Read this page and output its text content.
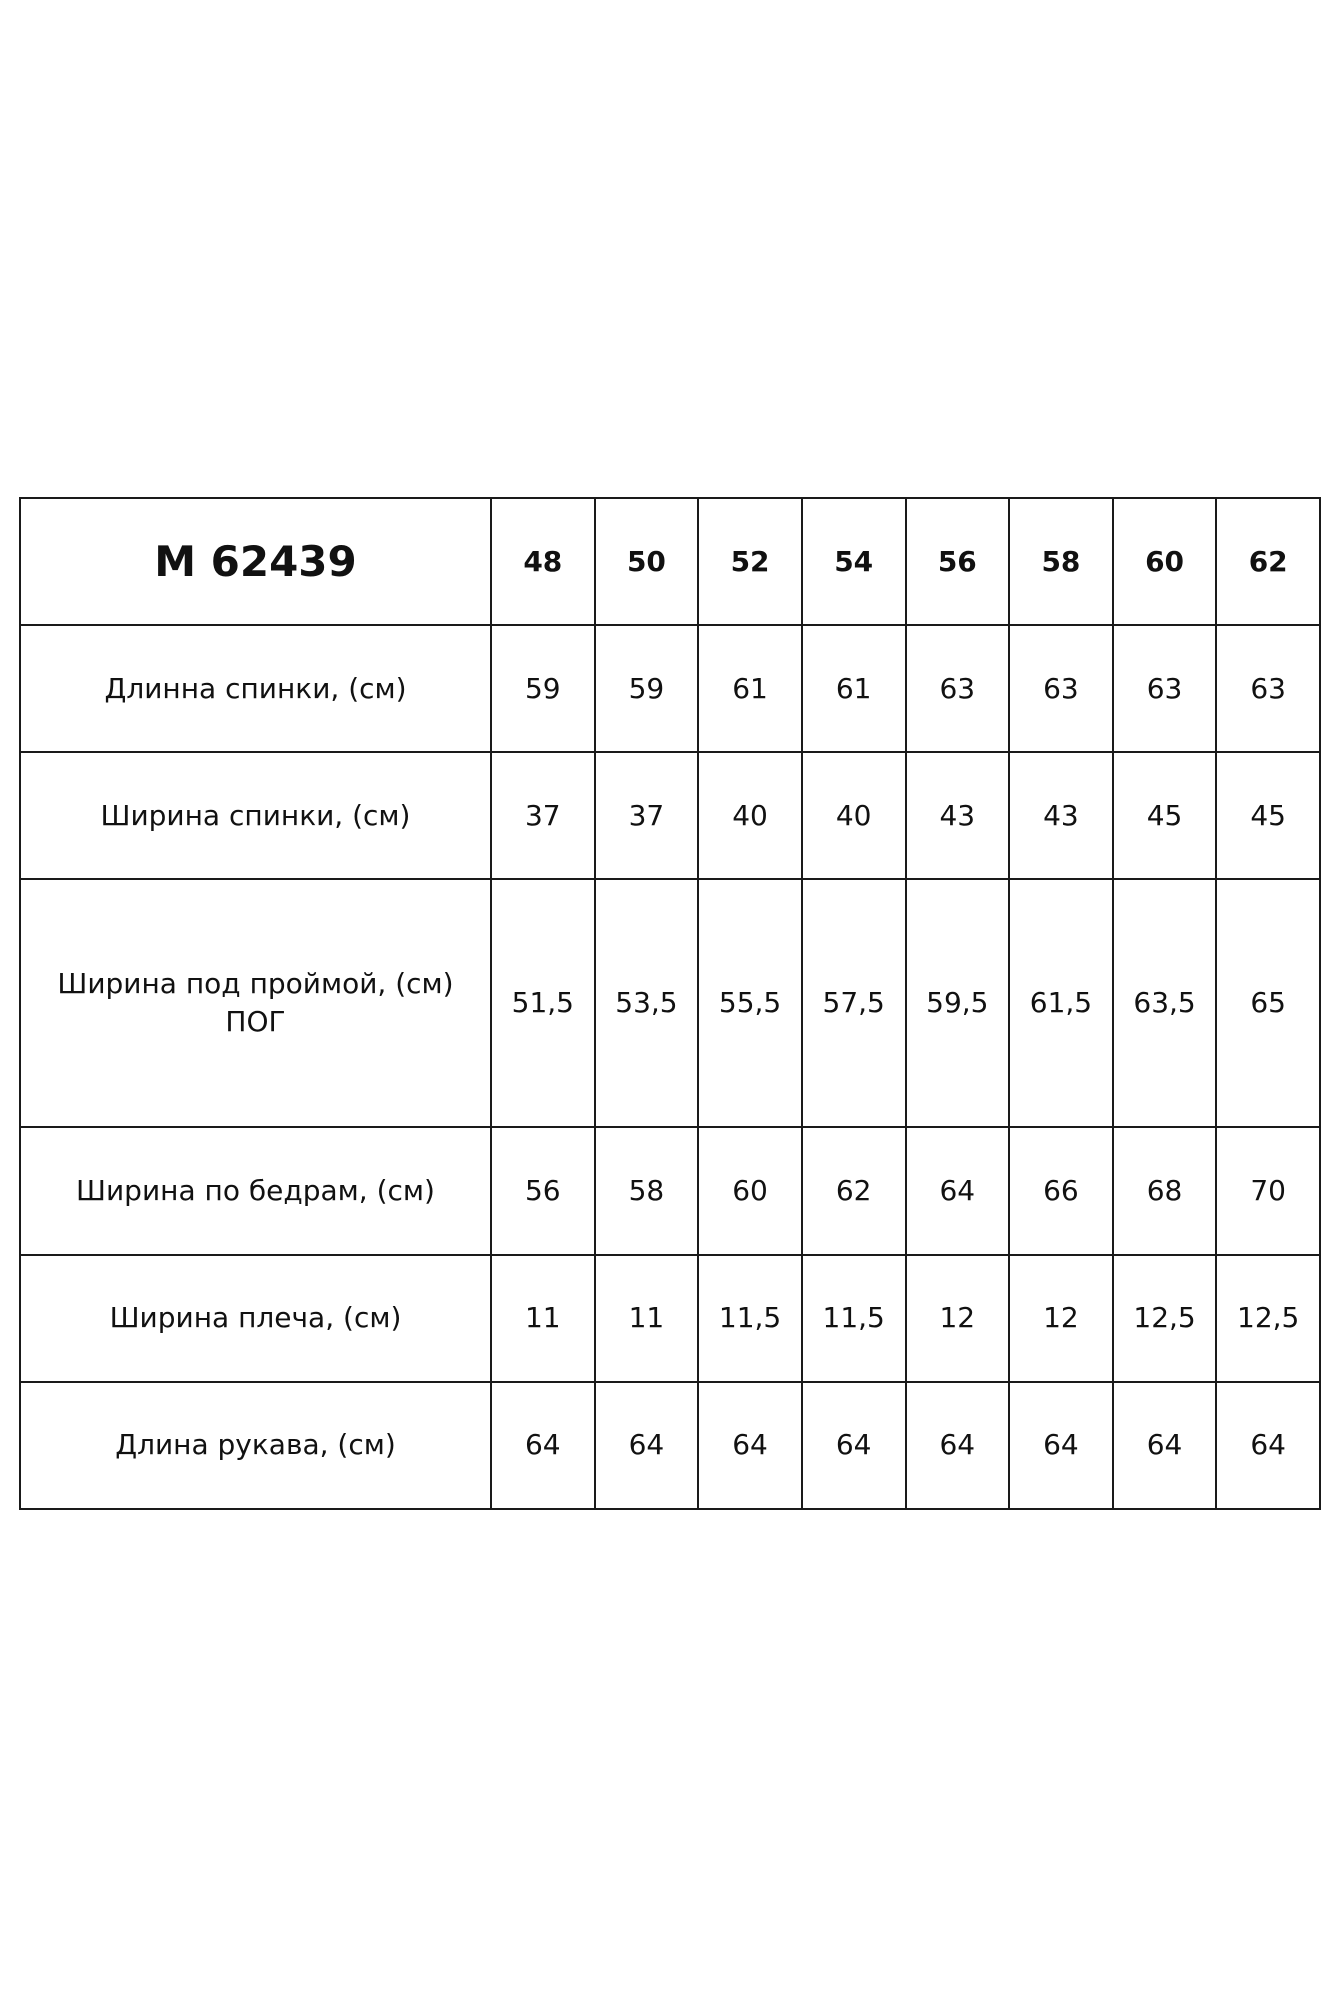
М 62439	48	50	52	54	56	58	60	62

Длинна спинки, (см)	59	59	61	61	63	63	63	63

Ширина спинки, (см)	37	37	40	40	43	43	45	45

Ширина под проймой, (см)
ПОГ	51,5	53,5	55,5	57,5	59,5	61,5	63,5	65

Ширина по бедрам, (см)	56	58	60	62	64	66	68	70

Ширина плеча, (см)	11	11	11,5	11,5	12	12	12,5	12,5

Длина рукава, (см)	64	64	64	64	64	64	64	64
